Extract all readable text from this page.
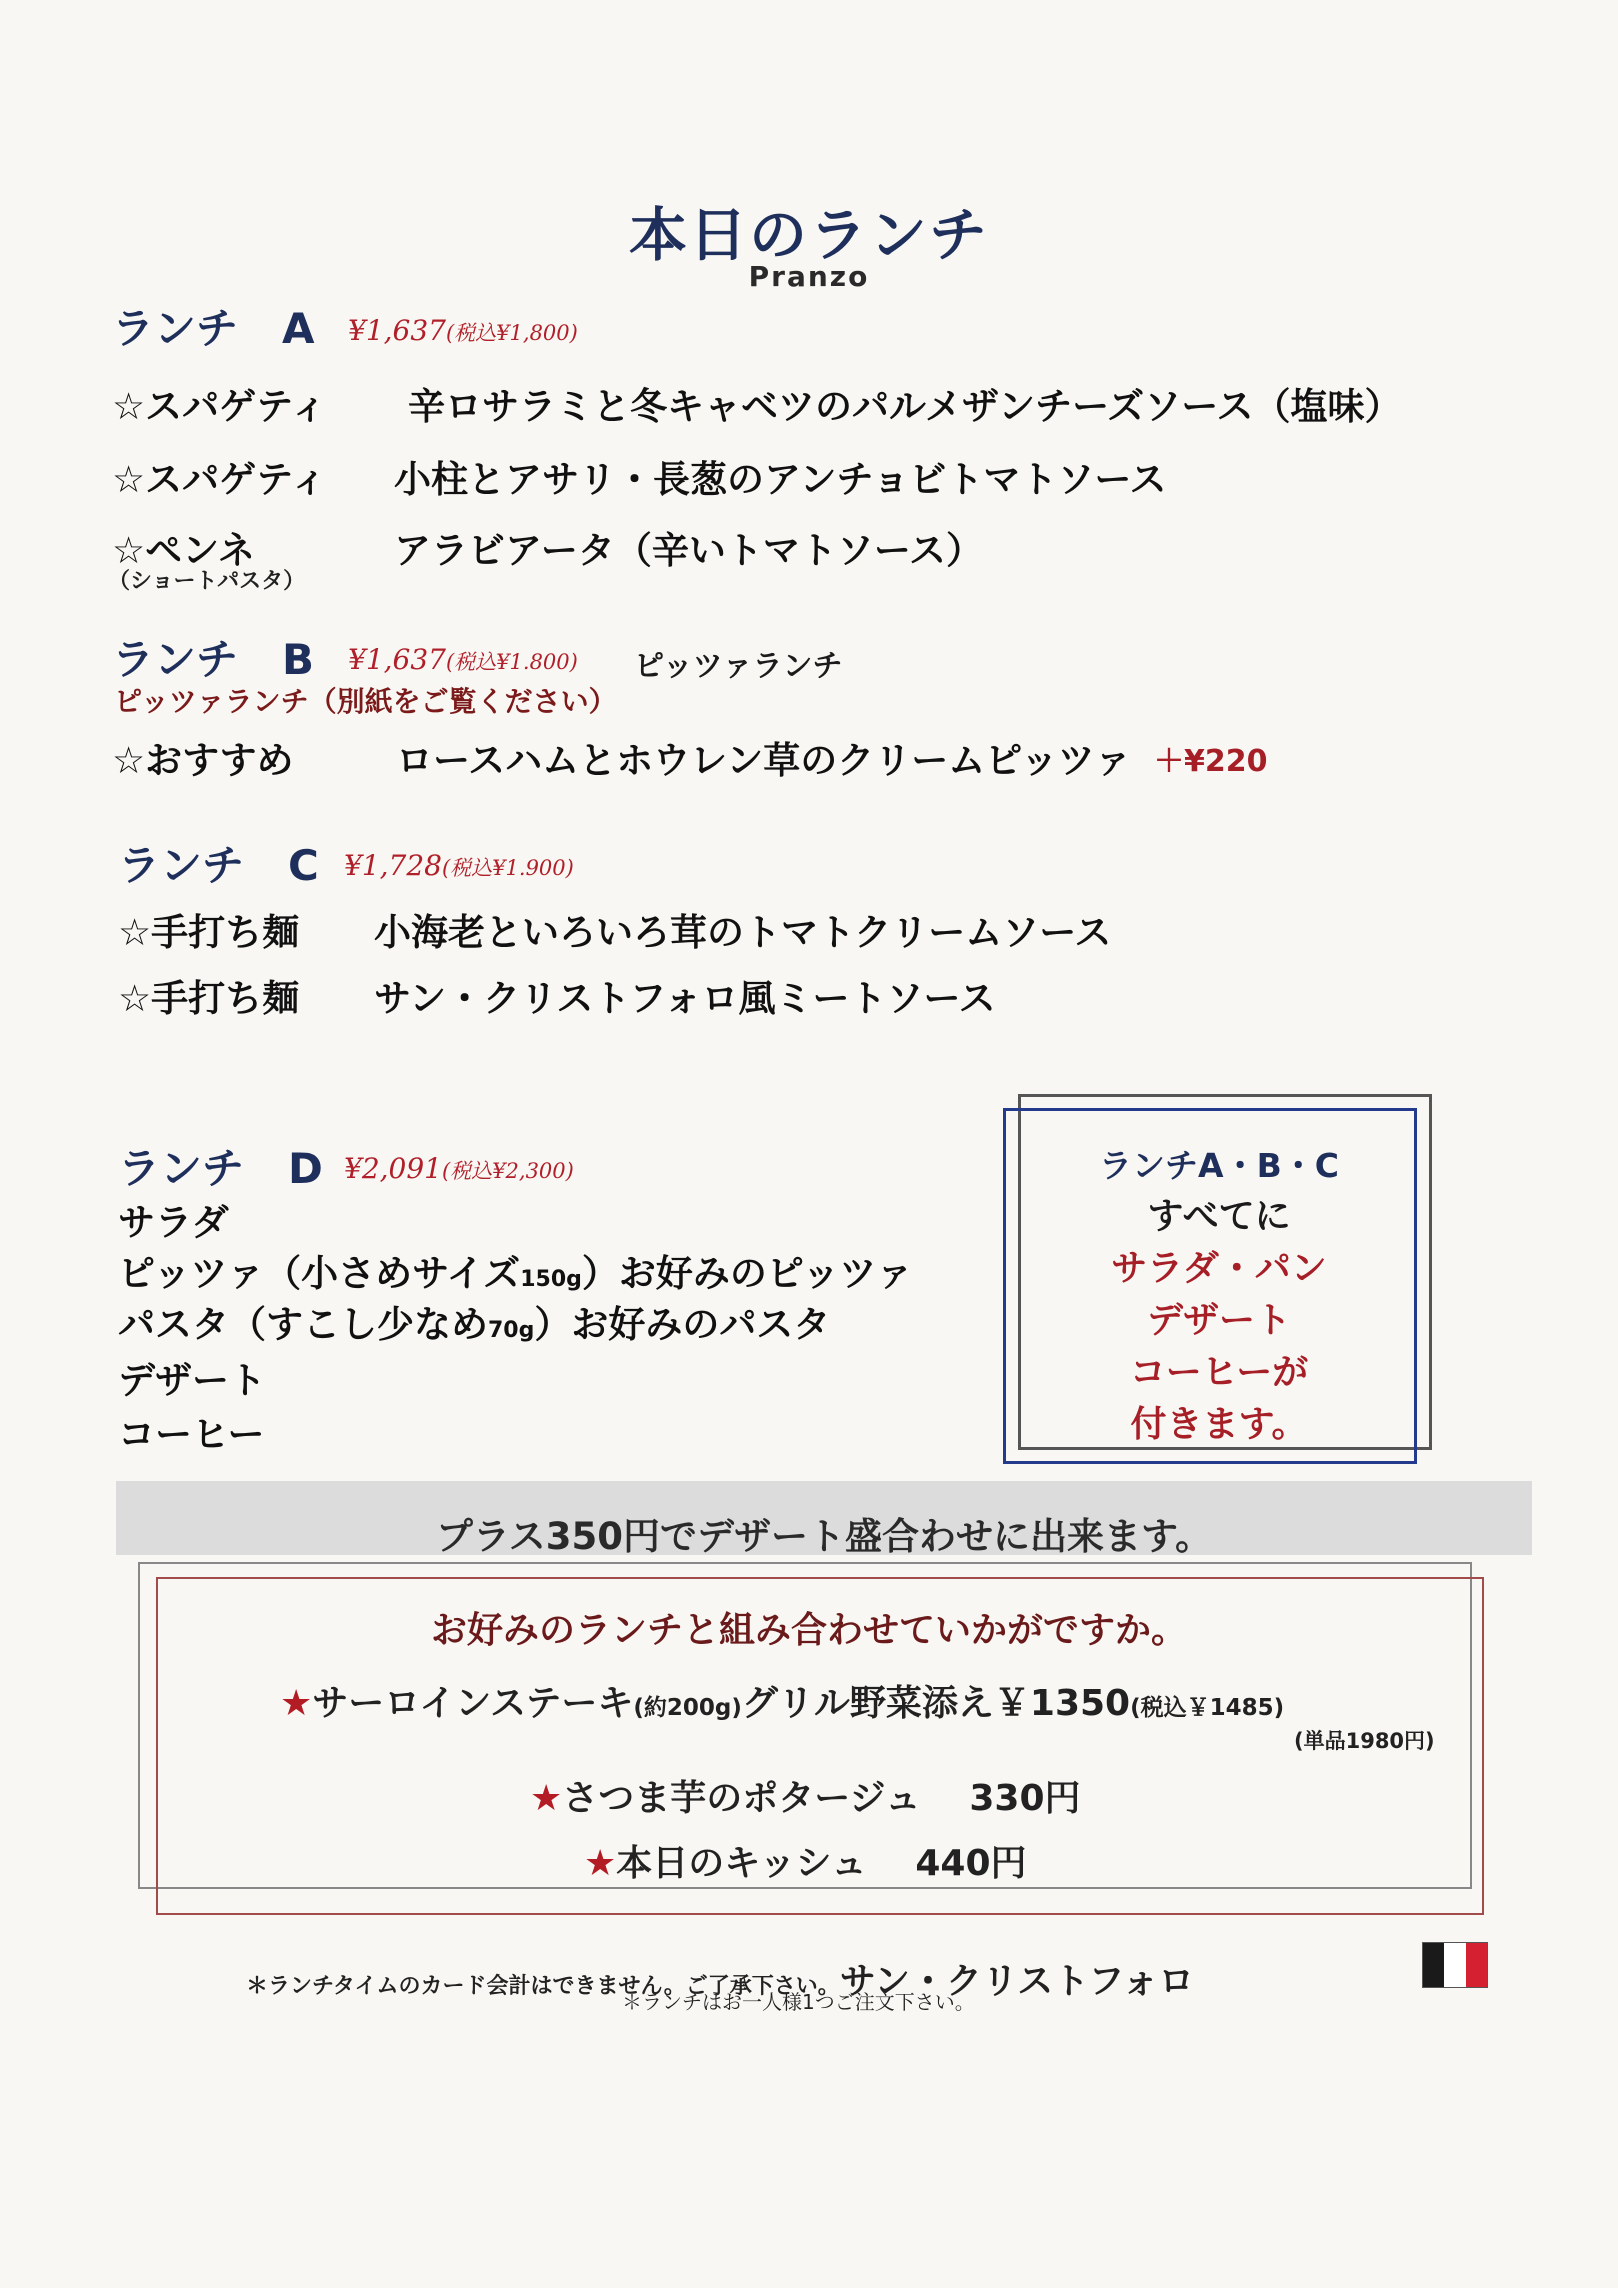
本日のランチ
Pranzo
ランチ A ¥1,637(税込¥1,800)
☆スパゲティ 辛ロサラミと冬キャベツのパルメザンチーズソース（塩味）
☆スパゲティ 小柱とアサリ・長葱のアンチョビトマトソース
☆ペンネ	アラビアータ（辛いトマトソース）
（ショートパスタ）
ランチ B ¥1,637(税込¥1.800) ピッツァランチ
ピッツァランチ（別紙をご覧ください）
☆おすすめ	ロースハムとホウレン草のクリームピッツァ ＋¥220
ランチ C ¥1,728(税込¥1.900)
☆手打ち麺 小海老といろいろ茸のトマトクリームソース
☆手打ち麺 サン・クリストフォロ風ミートソース
ランチ D ¥2,091(税込¥2,300)
サラダ
ピッツァ（小さめサイズ150g）お好みのピッツァ
パスタ（すこし少なめ70g）お好みのパスタ
デザート
コーヒー
ランチA・B・C
すべてに
サラダ・パン
デザート
コーヒーが
付きます。
プラス350円でデザート盛合わせに出来ます。
お好みのランチと組み合わせていかがですか。
★サーロインステーキ(約200g)グリル野菜添え￥1350(税込￥1485)
(単品1980円)
★さつま芋のポタージュ　 330円
★本日のキッシュ　 440円
＊ランチタイムのカード会計はできません。ご了承下さい。サン・クリストフォロ
＊ランチはお一人様1つご注文下さい。
